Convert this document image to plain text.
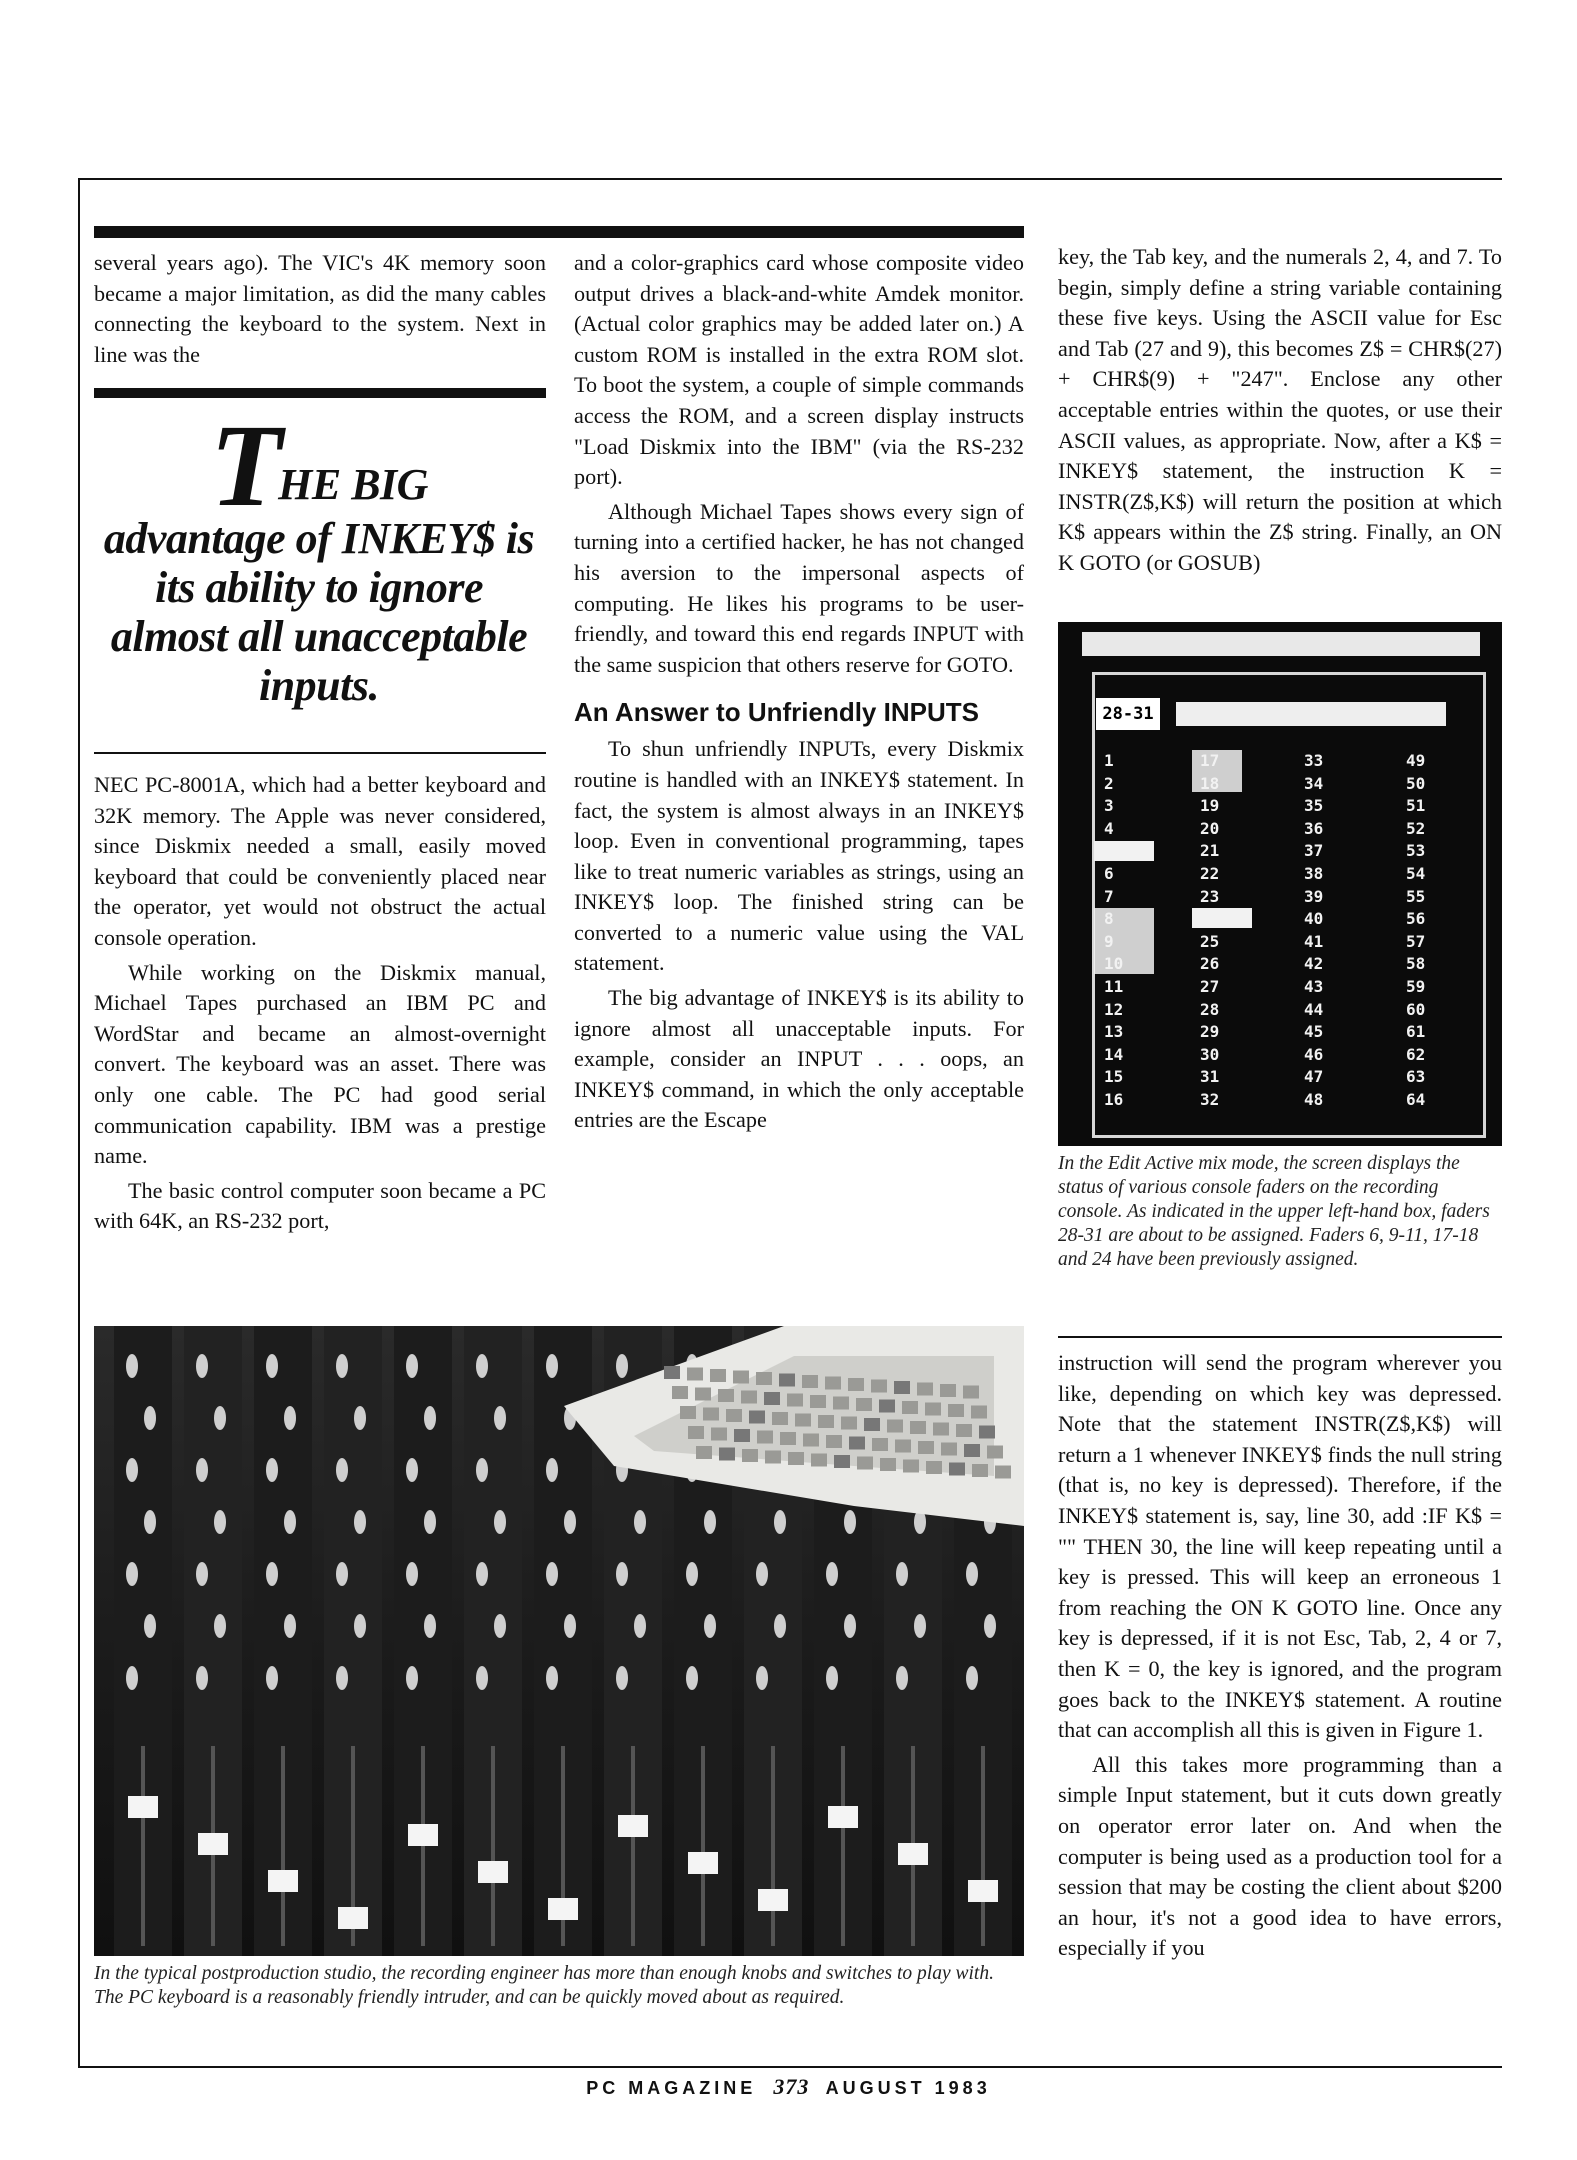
several years ago). The VIC's 4K memory soon became a major limitation, as did the many cables connecting the keyboard to the system. Next in line was the

THE BIG
advantage of INKEY$ is its ability to ignore almost all unacceptable inputs.

NEC PC-8001A, which had a better keyboard and 32K memory. The Apple was never considered, since Diskmix needed a small, easily moved keyboard that could be conveniently placed near the operator, yet would not obstruct the actual console operation.

While working on the Diskmix manual, Michael Tapes purchased an IBM PC and WordStar and became an almost-overnight convert. The keyboard was an asset. There was only one cable. The PC had good serial communication capability. IBM was a prestige name.

The basic control computer soon became a PC with 64K, an RS-232 port,

and a color-graphics card whose composite video output drives a black-and-white Amdek monitor. (Actual color graphics may be added later on.) A custom ROM is installed in the extra ROM slot. To boot the system, a couple of simple commands access the ROM, and a screen display instructs "Load Diskmix into the IBM" (via the RS-232 port).

Although Michael Tapes shows every sign of turning into a certified hacker, he has not changed his aversion to the impersonal aspects of computing. He likes his programs to be user-friendly, and toward this end regards INPUT with the same suspicion that others reserve for GOTO.

An Answer to Unfriendly INPUTS

To shun unfriendly INPUTs, every Diskmix routine is handled with an INKEY$ statement. In fact, the system is almost always in an INKEY$ loop. Even in conventional programming, tapes like to treat numeric variables as strings, using an INKEY$ loop. The finished string can be converted to a numeric value using the VAL statement.

The big advantage of INKEY$ is its ability to ignore almost all unacceptable inputs. For example, consider an INPUT . . . oops, an INKEY$ command, in which the only acceptable entries are the Escape

key, the Tab key, and the numerals 2, 4, and 7. To begin, simply define a string variable containing these five keys. Using the ASCII value for Esc and Tab (27 and 9), this becomes Z$ = CHR$(27) + CHR$(9) + "247". Enclose any other acceptable entries within the quotes, or use their ASCII values, as appropriate. Now, after a K$ = INKEY$ statement, the instruction K = INSTR(Z$,K$) will return the position at which K$ appears within the Z$ string. Finally, an ON K GOTO (or GOSUB)

28-31
1
2
3
4
5
6
7
8
9
10
11
12
13
14
15
16
17
18
19
20
21
22
23
24
25
26
27
28
29
30
31
32
33
34
35
36
37
38
39
40
41
42
43
44
45
46
47
48
49
50
51
52
53
54
55
56
57
58
59
60
61
62
63
64
In the Edit Active mix mode, the screen displays the status of various console faders on the recording console. As indicated in the upper left-hand box, faders 28-31 are about to be assigned. Faders 6, 9-11, 17-18 and 24 have been previously assigned.

instruction will send the program wherever you like, depending on which key was depressed. Note that the statement INSTR(Z$,K$) will return a 1 whenever INKEY$ finds the null string (that is, no key is depressed). Therefore, if the INKEY$ statement is, say, line 30, add :IF K$ = "" THEN 30, the line will keep repeating until a key is pressed. This will keep an erroneous 1 from reaching the ON K GOTO line. Once any key is depressed, if it is not Esc, Tab, 2, 4 or 7, then K = 0, the key is ignored, and the program goes back to the INKEY$ statement. A routine that can accomplish all this is given in Figure 1.

All this takes more programming than a simple Input statement, but it cuts down greatly on operator error later on. And when the computer is being used as a production tool for a session that may be costing the client about $200 an hour, it's not a good idea to have errors, especially if you

In the typical postproduction studio, the recording engineer has more than enough knobs and switches to play with. The PC keyboard is a reasonably friendly intruder, and can be quickly moved about as required.
PC MAGAZINE 373 AUGUST 1983
